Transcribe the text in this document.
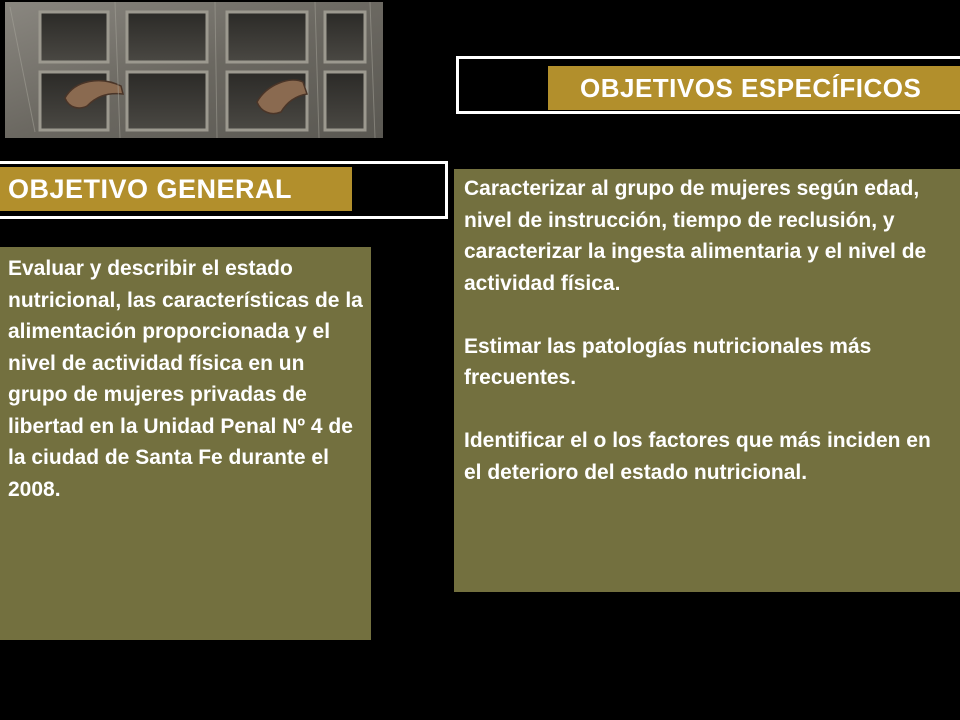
OBJETIVOS ESPECÍFICOS
OBJETIVO GENERAL

Evaluar y describir el estado nutricional, las características de la alimentación proporcionada y el nivel de actividad física en un grupo de mujeres privadas de libertad en la Unidad Penal Nº 4 de la ciudad de Santa Fe durante el 2008.

Caracterizar al grupo de mujeres según edad, nivel de instrucción, tiempo de reclusión, y caracterizar la ingesta alimentaria y el nivel de actividad física.

Estimar las patologías nutricionales más frecuentes.

Identificar el o los factores que más inciden en el deterioro del estado nutricional.
